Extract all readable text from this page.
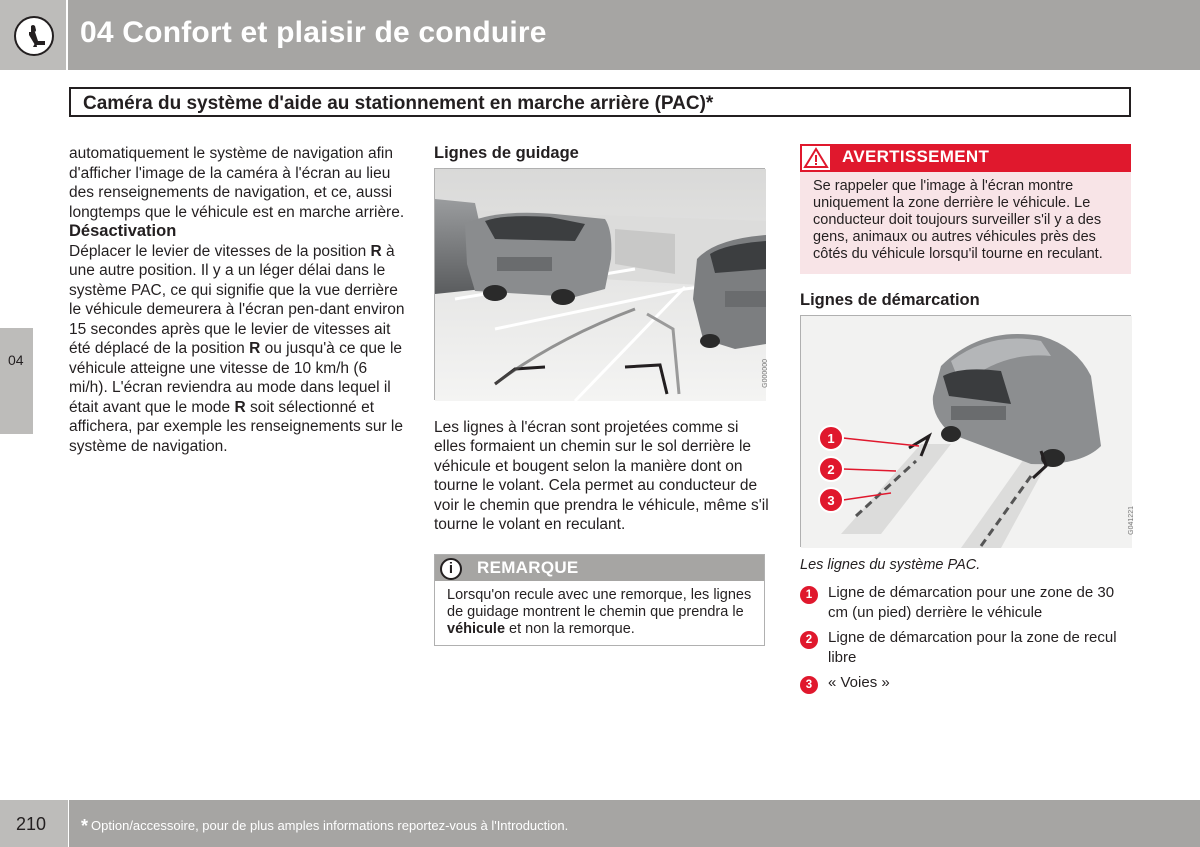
04 Confort et plaisir de conduire
Caméra du système d'aide au stationnement en marche arrière (PAC)*
04

automatiquement le système de navigation afin d'afficher l'image de la caméra à l'écran au lieu des renseignements de navigation, et ce, aussi longtemps que le véhicule est en marche arrière.

Désactivation

Déplacer le levier de vitesses de la position R à une autre position. Il y a un léger délai dans le système PAC, ce qui signifie que la vue derrière le véhicule demeurera à l'écran pen-dant environ 15 secondes après que le levier de vitesses ait été déplacé de la position R ou jusqu'à ce que le véhicule atteigne une vitesse de 10 km/h (6 mi/h). L'écran reviendra au mode dans lequel il était avant que le mode R soit sélectionné et affichera, par exemple les renseignements sur le système de navigation.

Lignes de guidage
G000000

Les lignes à l'écran sont projetées comme si elles formaient un chemin sur le sol derrière le véhicule et bougent selon la manière dont on tourne le volant. Cela permet au conducteur de voir le chemin que prendra le véhicule, même s'il tourne le volant en reculant.

i	REMARQUE
Lorsqu'on recule avec une remorque, les lignes de guidage montrent le chemin que prendra le véhicule et non la remorque.
AVERTISSEMENT
Se rappeler que l'image à l'écran montre uniquement la zone derrière le véhicule. Le conducteur doit toujours surveiller s'il y a des gens, animaux ou autres véhicules près des côtés du véhicule lorsqu'il tourne en reculant.
Lignes de démarcation
1
2
3
G041221
Les lignes du système PAC.
1	Ligne de démarcation pour une zone de 30 cm (un pied) derrière le véhicule
2	Ligne de démarcation pour la zone de recul libre
3	« Voies »
210	* Option/accessoire, pour de plus amples informations reportez-vous à l'Introduction.
